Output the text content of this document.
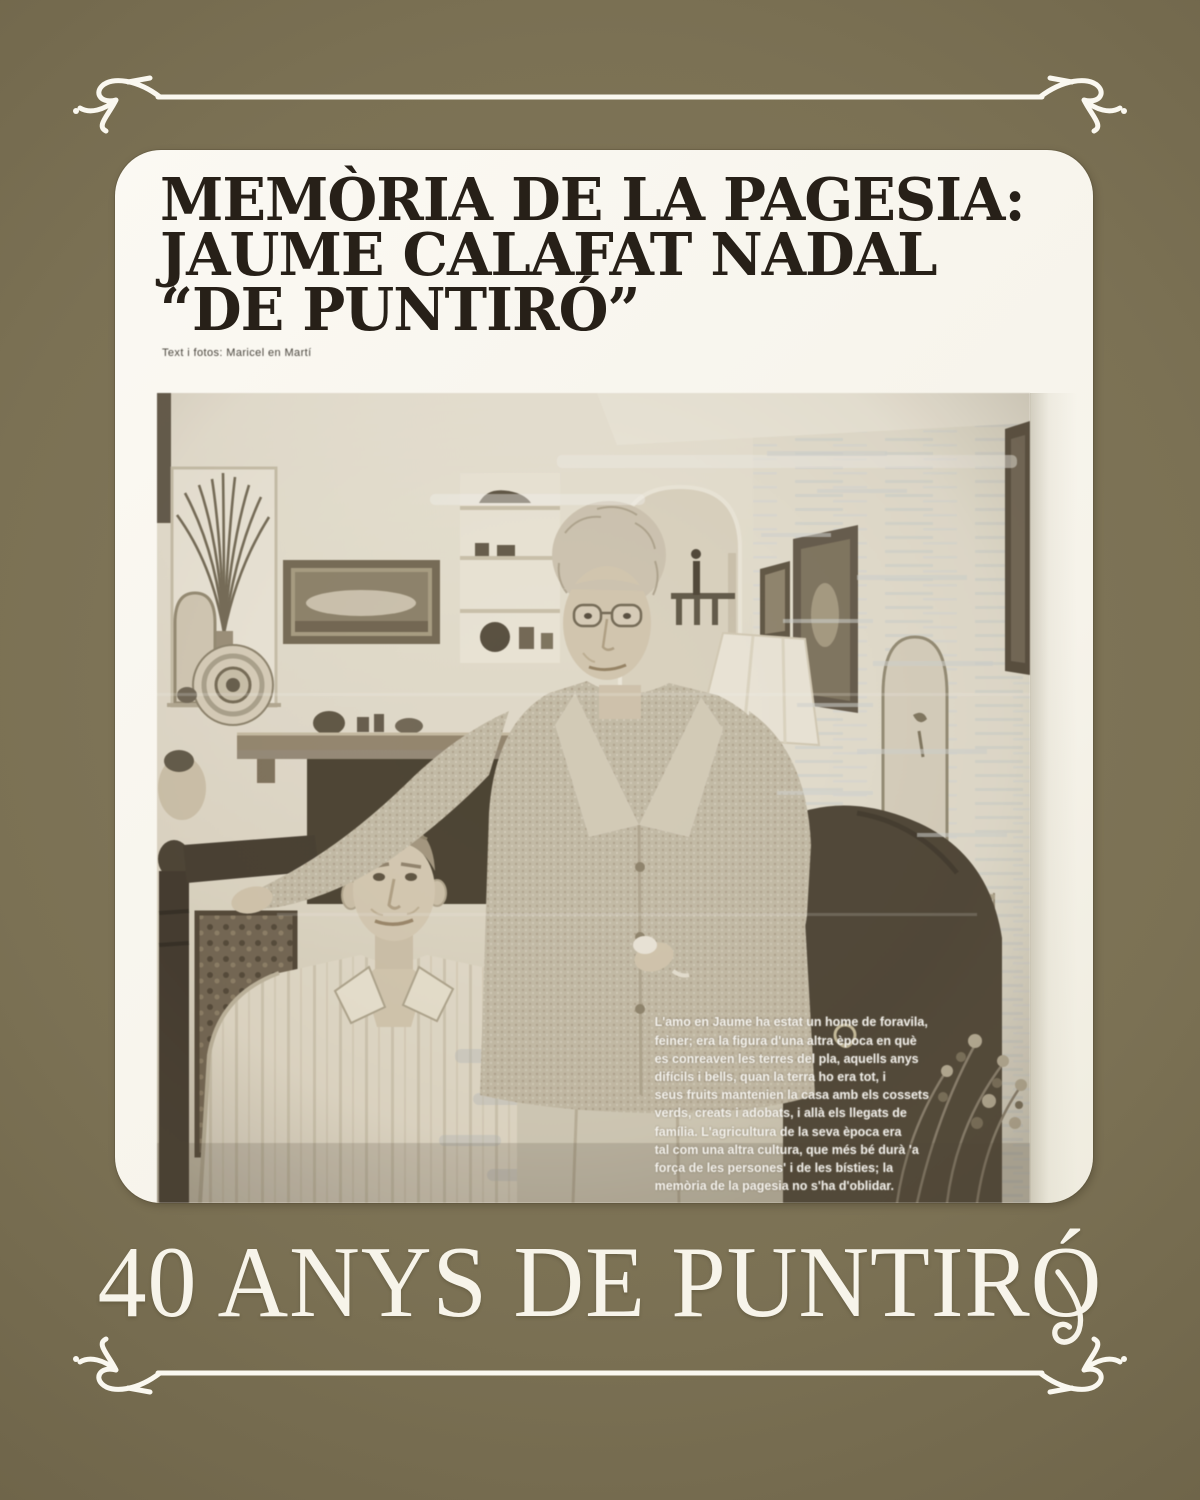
MEMÒRIA DE LA PAGESIA:
JAUME CALAFAT NADAL
“DE PUNTIRÓ”
Text i fotos: Maricel en Martí
L'amo en Jaume ha estat un home de foravila,
feiner; era la figura d'una altra època en què
es conreaven les terres del pla, aquells anys
difícils i bells, quan la terra ho era tot, i
seus fruits mantenien la casa amb els cossets
verds, creats i adobats, i allà els llegats de
família. L'agricultura de la seva època era
tal com una altra cultura, que més bé durà 'a
força de les persones' i de les bísties; la
memòria de la pagesia no s'ha d'oblidar.
40 ANYS DE PUNTIRÓ
